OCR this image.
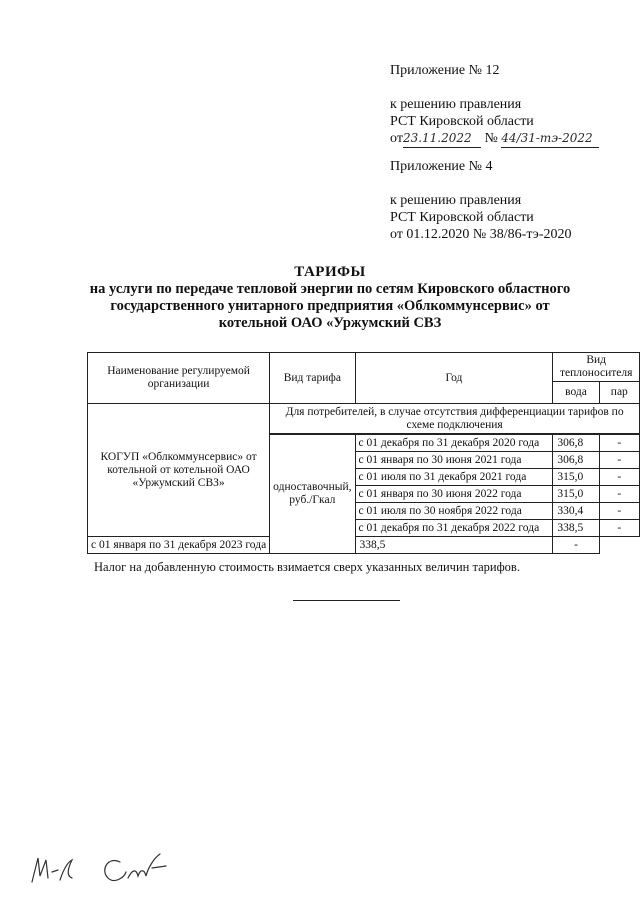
Приложение № 12
к решению правления
РСТ Кировской области
от23.11.2022 № 44/31-тэ-2022
Приложение № 4
к решению правления
РСТ Кировской области
от 01.12.2020 № 38/86-тэ-2020
ТАРИФЫ
на услуги по передаче тепловой энергии по сетям Кировского областного
государственного унитарного предприятия «Облкоммунсервис» от
котельной ОАО «Уржумский СВЗ
Наименование регулируемой организации	Вид тарифа	Год	Вид теплоносителя	
			вода	пар
КОГУП «Облкоммунсервис» от котельной от котельной ОАО «Уржумский СВЗ»	Для потребителей, в случае отсутствия дифференциации тарифов по схеме подключения			

	одноставочный, руб./Гкал	с 01 декабря по 31 декабря 2020 года	306,8	-
		с 01 января по 30 июня 2021 года	306,8	-
		с 01 июля по 31 декабря 2021 года	315,0	-
		с 01 января по 30 июня 2022 года	315,0	-
		с 01 июля по 30 ноября 2022 года	330,4	-
		с 01 декабря по 31 декабря 2022 года	338,5	-
с 01 января по 31 декабря 2023 года		338,5	-	
Налог на добавленную стоимость взимается сверх указанных величин тарифов.
